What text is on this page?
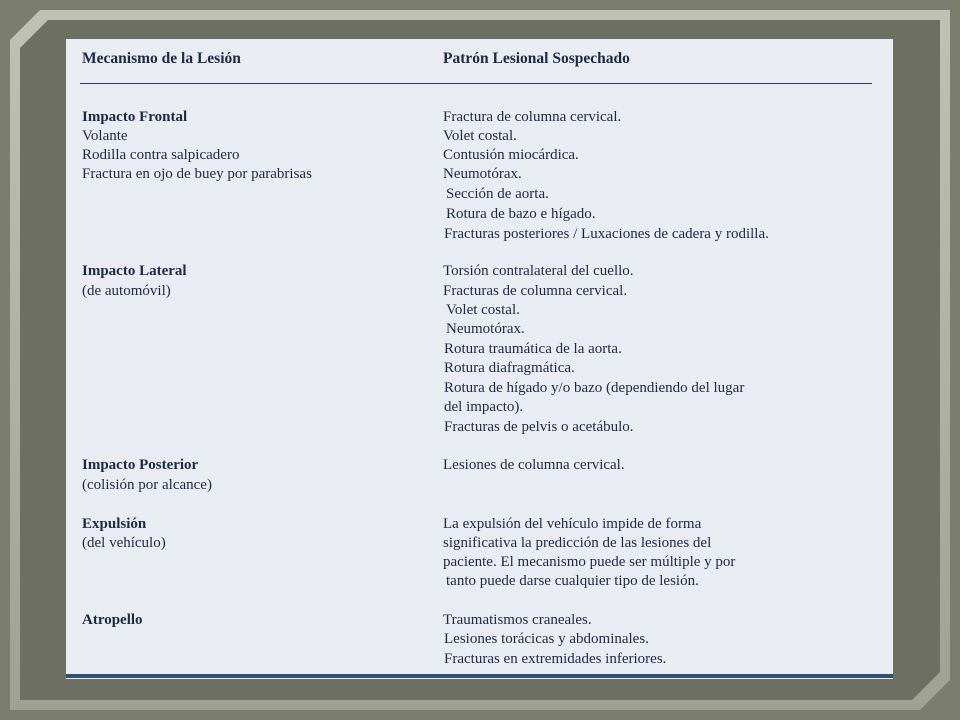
Mecanismo de la Lesión	Patrón Lesional Sospechado
Impacto Frontal
Volante
Rodilla contra salpicadero
Fractura en ojo de buey por parabrisas
Fractura de columna cervical.
Volet costal.
Contusión miocárdica.
Neumotórax.
Sección de aorta.
Rotura de bazo e hígado.
Fracturas posteriores / Luxaciones de cadera y rodilla.
Impacto Lateral
(de automóvil)
Torsión contralateral del cuello.
Fracturas de columna cervical.
Volet costal.
Neumotórax.
Rotura traumática de la aorta.
Rotura diafragmática.
Rotura de hígado y/o bazo (dependiendo del lugar
del impacto).
Fracturas de pelvis o acetábulo.
Impacto Posterior
(colisión por alcance)
Lesiones de columna cervical.
Expulsión
(del vehículo)
La expulsión del vehículo impide de forma
significativa la predicción de las lesiones del
paciente. El mecanismo puede ser múltiple y por
tanto puede darse cualquier tipo de lesión.
Atropello	Traumatismos craneales.
Lesiones torácicas y abdominales.
Fracturas en extremidades inferiores.
